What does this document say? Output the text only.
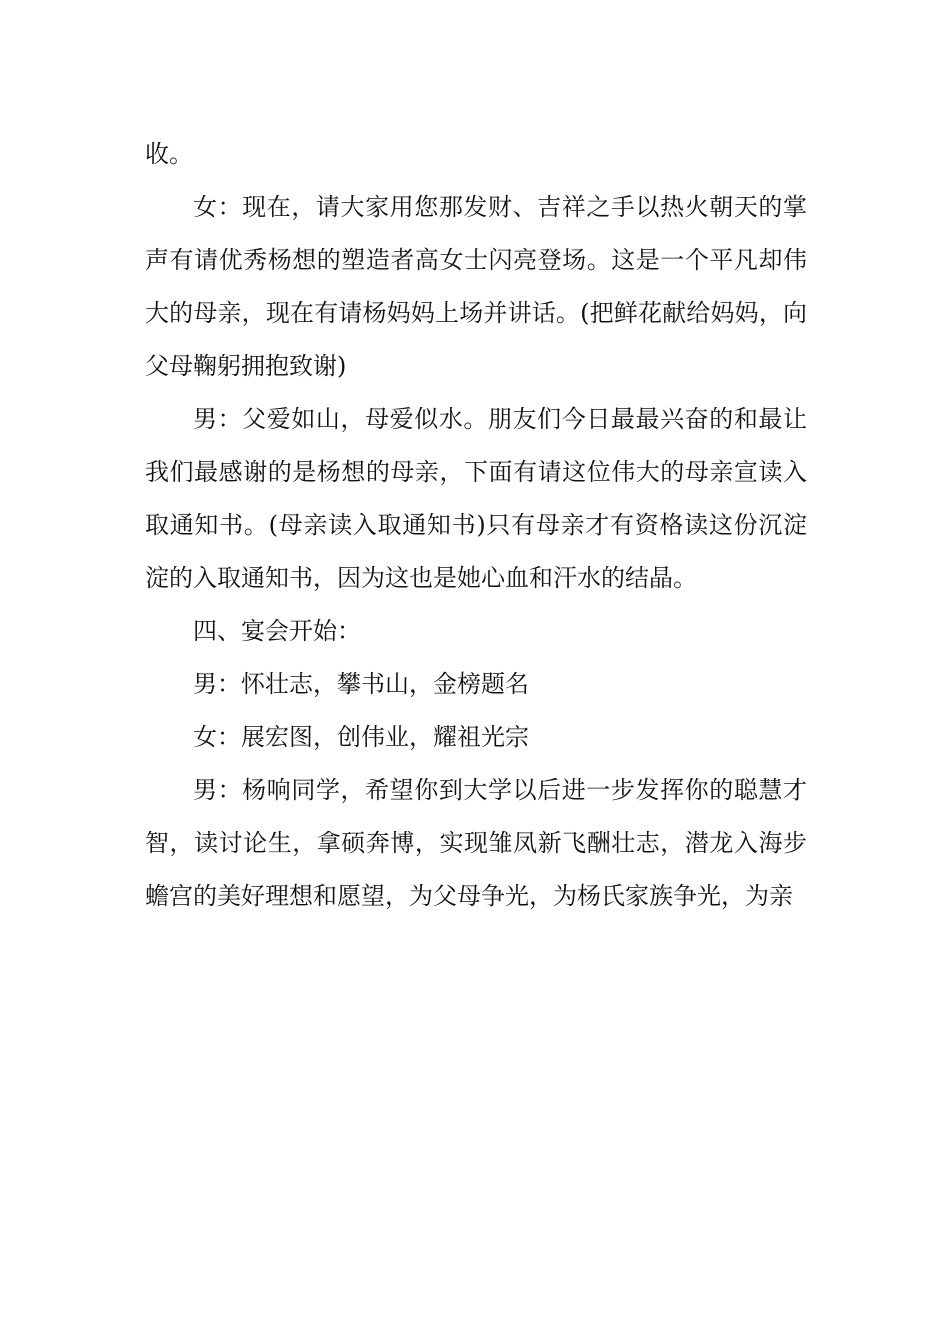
收。

女：现在，请大家用您那发财、吉祥之手以热火朝天的掌声有请优秀杨想的塑造者高女士闪亮登场。这是一个平凡却伟大的母亲，现在有请杨妈妈上场并讲话。(把鲜花献给妈妈，向父母鞠躬拥抱致谢)

男：父爱如山，母爱似水。朋友们今日最最兴奋的和最让我们最感谢的是杨想的母亲，下面有请这位伟大的母亲宣读入取通知书。(母亲读入取通知书)只有母亲才有资格读这份沉淀淀的入取通知书，因为这也是她心血和汗水的结晶。

四、宴会开始：

男：怀壮志，攀书山，金榜题名

女：展宏图，创伟业，耀祖光宗

男：杨响同学，希望你到大学以后进一步发挥你的聪慧才智，读讨论生，拿硕奔博，实现雏凤新飞酬壮志，潜龙入海步蟾宫的美好理想和愿望，为父母争光，为杨氏家族争光，为亲
